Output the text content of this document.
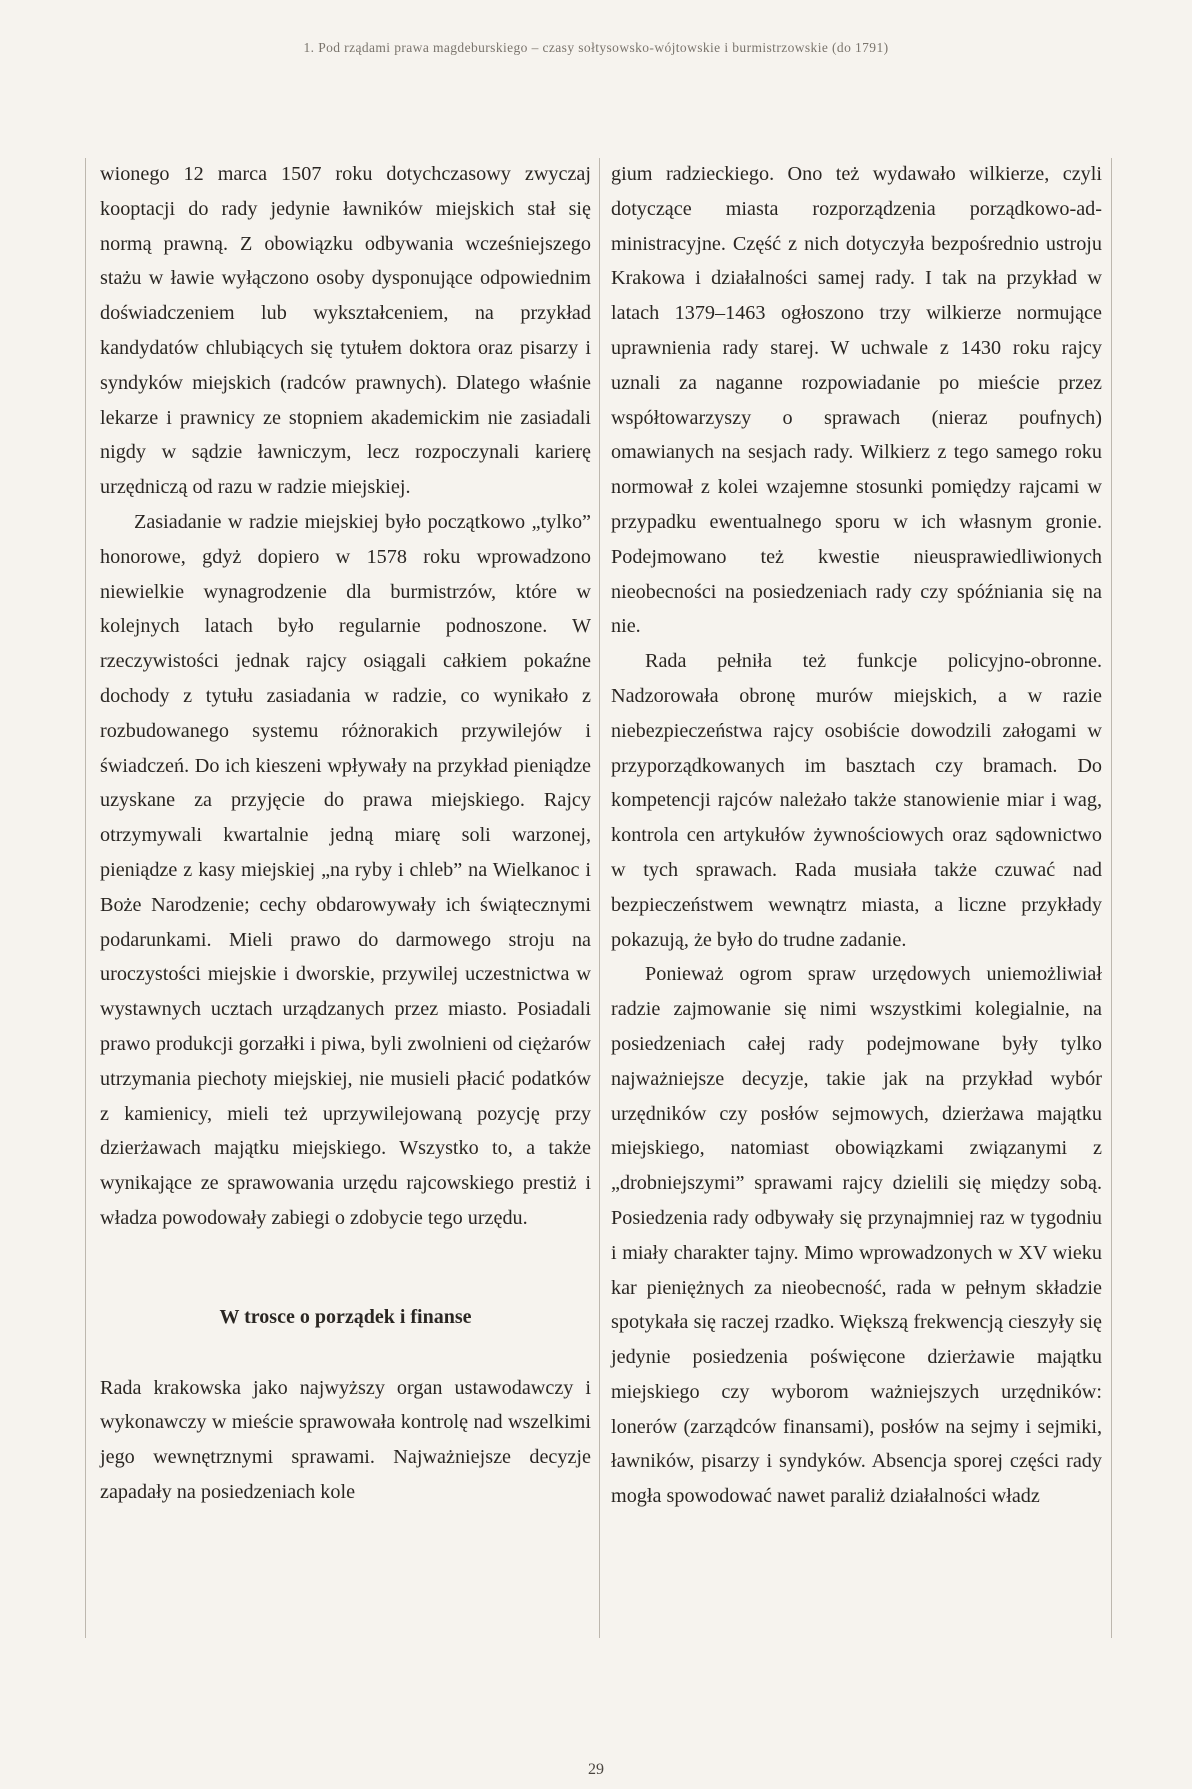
1. Pod rządami prawa magdeburskiego – czasy sołtysowsko-wójtowskie i burmistrzowskie (do 1791)

wionego 12 marca 1507 roku dotychczasowy zwyczaj kooptacji do rady jedynie ławników miejskich stał się normą prawną. Z obowiązku odbywania wcześniejszego stażu w ławie wyłączono osoby dysponujące odpowiednim doświadczeniem lub wykształceniem, na przykład kandydatów chlubiących się tytułem doktora oraz pisarzy i syndyków miejskich (radców prawnych). Dlatego właśnie lekarze i prawnicy ze stopniem akademickim nie zasiadali nigdy w sądzie ławniczym, lecz rozpoczynali karierę urzędniczą od razu w radzie miejskiej.

Zasiadanie w radzie miejskiej było początkowo „tylko” honorowe, gdyż dopiero w 1578 roku wprowadzono niewielkie wynagrodzenie dla burmistrzów, które w kolejnych latach było regularnie podnoszone. W rzeczywistości jednak rajcy osiągali całkiem pokaźne dochody z tytułu zasiadania w radzie, co wynikało z rozbudowanego systemu różnorakich przywilejów i świadczeń. Do ich kieszeni wpływały na przykład pieniądze uzyskane za przyjęcie do prawa miejskiego. Rajcy otrzymywali kwartalnie jedną miarę soli warzonej, pieniądze z kasy miejskiej „na ryby i chleb” na Wielkanoc i Boże Narodzenie; cechy obdarowywały ich świątecznymi podarunkami. Mieli prawo do darmowego stroju na uroczystości miejskie i dworskie, przywilej uczestnictwa w wystawnych ucztach urządzanych przez miasto. Posiadali prawo produkcji gorzałki i piwa, byli zwolnieni od ciężarów utrzymania piechoty miejskiej, nie musieli płacić podatków z kamienicy, mieli też uprzywilejowaną pozycję przy dzierżawach majątku miejskiego. Wszystko to, a także wynikające ze sprawowania urzędu rajcowskiego prestiż i władza powodowały zabiegi o zdobycie tego urzędu.

W trosce o porządek i finanse

Rada krakowska jako najwyższy organ ustawodawczy i wykonawczy w mieście sprawowała kontrolę nad wszelkimi jego wewnętrznymi sprawami. Najważniejsze decyzje zapadały na posiedzeniach kole

gium radzieckiego. Ono też wydawało wilkierze, czyli dotyczące miasta rozporządzenia porządkowo-administracyjne. Część z nich dotyczyła bezpośrednio ustroju Krakowa i działalności samej rady. I tak na przykład w latach 1379–1463 ogłoszono trzy wilkierze normujące uprawnienia rady starej. W uchwale z 1430 roku rajcy uznali za naganne rozpowiadanie po mieście przez współtowarzyszy o sprawach (nieraz poufnych) omawianych na sesjach rady. Wilkierz z tego samego roku normował z kolei wzajemne stosunki pomiędzy rajcami w przypadku ewentualnego sporu w ich własnym gronie. Podejmowano też kwestie nieusprawiedliwionych nieobecności na posiedzeniach rady czy spóźniania się na nie.

Rada pełniła też funkcje policyjno-obronne. Nadzorowała obronę murów miejskich, a w razie niebezpieczeństwa rajcy osobiście dowodzili załogami w przyporządkowanych im basztach czy bramach. Do kompetencji rajców należało także stanowienie miar i wag, kontrola cen artykułów żywnościowych oraz sądownictwo w tych sprawach. Rada musiała także czuwać nad bezpieczeństwem wewnątrz miasta, a liczne przykłady pokazują, że było do trudne zadanie.

Ponieważ ogrom spraw urzędowych uniemożliwiał radzie zajmowanie się nimi wszystkimi kolegialnie, na posiedzeniach całej rady podejmowane były tylko najważniejsze decyzje, takie jak na przykład wybór urzędników czy posłów sejmowych, dzierżawa majątku miejskiego, natomiast obowiązkami związanymi z „drobniejszymi” sprawami rajcy dzielili się między sobą. Posiedzenia rady odbywały się przynajmniej raz w tygodniu i miały charakter tajny. Mimo wprowadzonych w XV wieku kar pieniężnych za nieobecność, rada w pełnym składzie spotykała się raczej rzadko. Większą frekwencją cieszyły się jedynie posiedzenia poświęcone dzierżawie majątku miejskiego czy wyborom ważniejszych urzędników: lonerów (zarządców finansami), posłów na sejmy i sejmiki, ławników, pisarzy i syndyków. Absencja sporej części rady mogła spowodować nawet paraliż działalności władz

29
